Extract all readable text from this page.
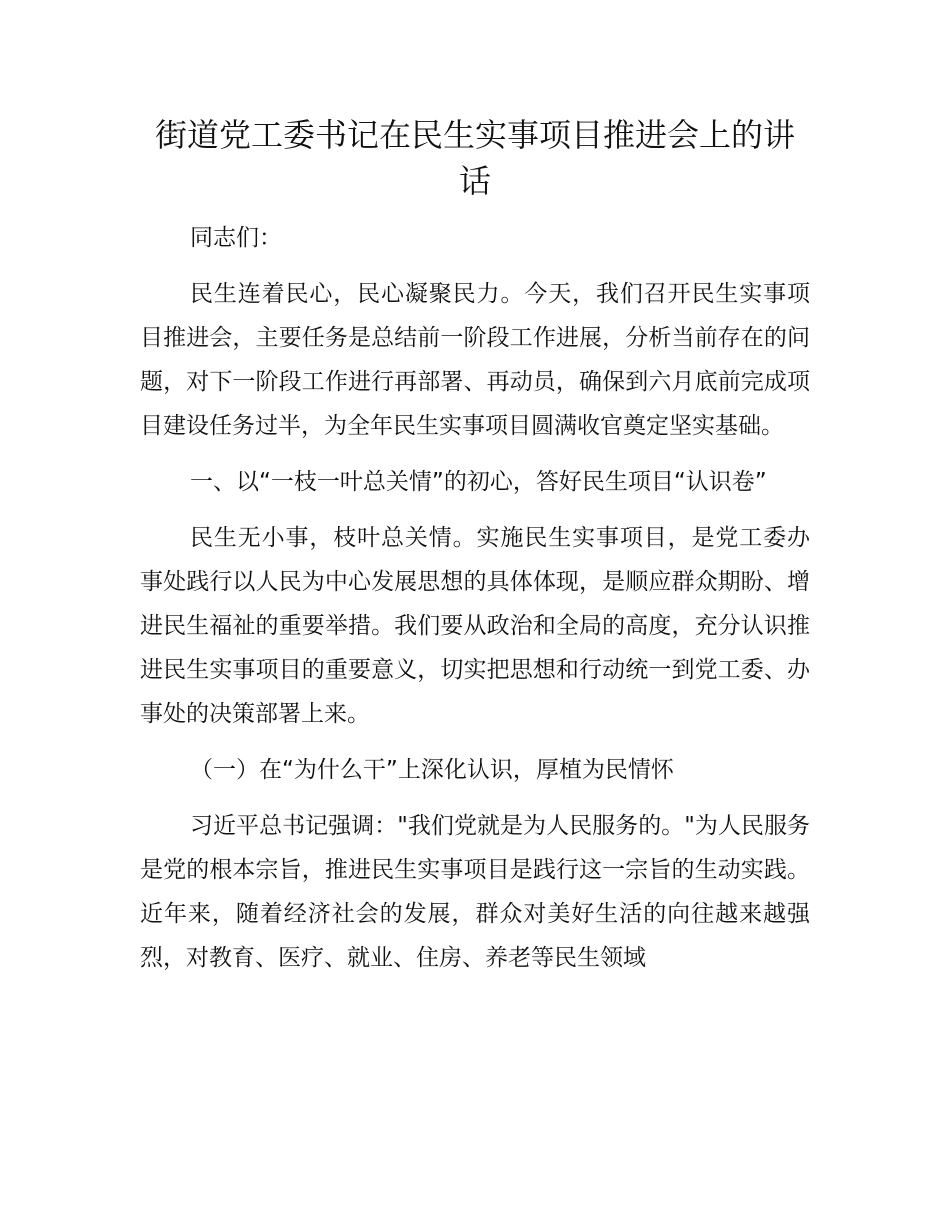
街道党工委书记在民生实事项目推进会上的讲话

同志们：

民生连着民心，民心凝聚民力。今天，我们召开民生实事项目推进会，主要任务是总结前一阶段工作进展，分析当前存在的问题，对下一阶段工作进行再部署、再动员，确保到六月底前完成项目建设任务过半，为全年民生实事项目圆满收官奠定坚实基础。

一、以“一枝一叶总关情”的初心，答好民生项目“认识卷”

民生无小事，枝叶总关情。实施民生实事项目，是党工委办事处践行以人民为中心发展思想的具体体现，是顺应群众期盼、增进民生福祉的重要举措。我们要从政治和全局的高度，充分认识推进民生实事项目的重要意义，切实把思想和行动统一到党工委、办事处的决策部署上来。

（一）在“为什么干”上深化认识，厚植为民情怀

习近平总书记强调："我们党就是为人民服务的。"为人民服务是党的根本宗旨，推进民生实事项目是践行这一宗旨的生动实践。近年来，随着经济社会的发展，群众对美好生活的向往越来越强烈，对教育、医疗、就业、住房、养老等民生领域
